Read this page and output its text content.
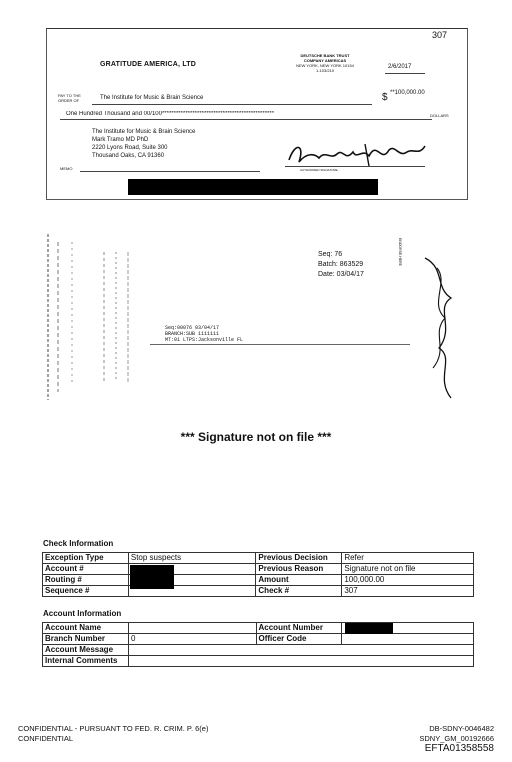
307
GRATITUDE AMERICA, LTD
DEUTSCHE BANK TRUST
COMPANY AMERICAS
NEW YORK, NEW YORK 10154
1-103/210
2/6/2017
PAY TO THE ORDER OF	The Institute for Music & Brain Science	$ **100,000.00
One Hundred Thousand and 00/100************************************************	DOLLARS
The Institute for Music & Brain Science
Mark Tramo MD PhD
2220 Lyons Road, Suite 300
Thousand Oaks, CA 91360
AUTHORIZED SIGNATURE
MEMO
Seq: 76
Batch: 863529
Date: 03/04/17
Seq:00076 03/04/17
BRANCH:SUB 1111111
MT:01 LTPS:Jacksonville FL
ENDORSE HERE
*** Signature not on file ***
Check Information
Exception Type	Stop suspects	Previous Decision	Refer
Account #		Previous Reason	Signature not on file
Routing #		Amount	100,000.00
Sequence #		Check #	307
Account Information
Account Name		Account Number	
Branch Number	0	Officer Code	
Account Message			
Internal Comments			
CONFIDENTIAL - PURSUANT TO FED. R. CRIM. P. 6(e)
CONFIDENTIAL
DB-SDNY-0046482
SDNY_GM_00192666
EFTA01358558
